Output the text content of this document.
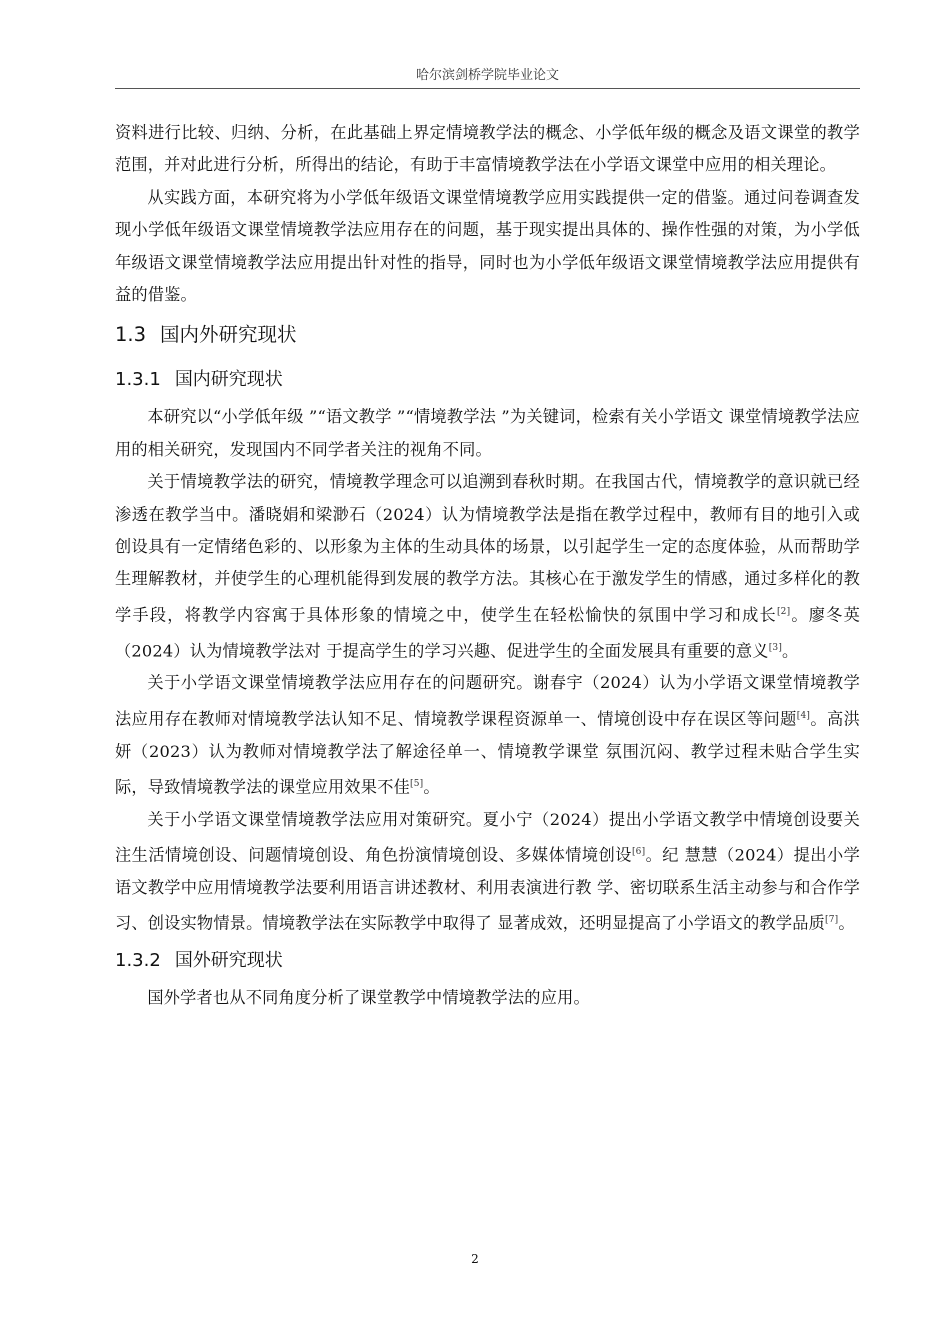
哈尔滨剑桥学院毕业论文

资料进行比较、归纳、分析，在此基础上界定情境教学法的概念、小学低年级的概念及语文课堂的教学范围，并对此进行分析，所得出的结论，有助于丰富情境教学法在小学语文课堂中应用的相关理论。

从实践方面，本研究将为小学低年级语文课堂情境教学应用实践提供一定的借鉴。通过问卷调查发现小学低年级语文课堂情境教学法应用存在的问题，基于现实提出具体的、操作性强的对策，为小学低年级语文课堂情境教学法应用提出针对性的指导，同时也为小学低年级语文课堂情境教学法应用提供有益的借鉴。

1.3 国内外研究现状
1.3.1 国内研究现状

本研究以“小学低年级 ”“语文教学 ”“情境教学法 ”为关键词，检索有关小学语文 课堂情境教学法应用的相关研究，发现国内不同学者关注的视角不同。

关于情境教学法的研究，情境教学理念可以追溯到春秋时期。在我国古代，情境教学的意识就已经渗透在教学当中。潘晓娟和梁渺石（2024）认为情境教学法是指在教学过程中，教师有目的地引入或创设具有一定情绪色彩的、以形象为主体的生动具体的场景，以引起学生一定的态度体验，从而帮助学生理解教材，并使学生的心理机能得到发展的教学方法。其核心在于激发学生的情感，通过多样化的教学手段，将教学内容寓于具体形象的情境之中，使学生在轻松愉快的氛围中学习和成长[2]。廖冬英（2024）认为情境教学法对 于提高学生的学习兴趣、促进学生的全面发展具有重要的意义[3]。

关于小学语文课堂情境教学法应用存在的问题研究。谢春宇（2024）认为小学语文课堂情境教学法应用存在教师对情境教学法认知不足、情境教学课程资源单一、情境创设中存在误区等问题[4]。高洪妍（2023）认为教师对情境教学法了解途径单一、情境教学课堂 氛围沉闷、教学过程未贴合学生实际，导致情境教学法的课堂应用效果不佳[5]。

关于小学语文课堂情境教学法应用对策研究。夏小宁（2024）提出小学语文教学中情境创设要关注生活情境创设、问题情境创设、角色扮演情境创设、多媒体情境创设[6]。纪 慧慧（2024）提出小学语文教学中应用情境教学法要利用语言讲述教材、利用表演进行教 学、密切联系生活主动参与和合作学习、创设实物情景。情境教学法在实际教学中取得了 显著成效，还明显提高了小学语文的教学品质[7]。

1.3.2 国外研究现状

国外学者也从不同角度分析了课堂教学中情境教学法的应用。

2
